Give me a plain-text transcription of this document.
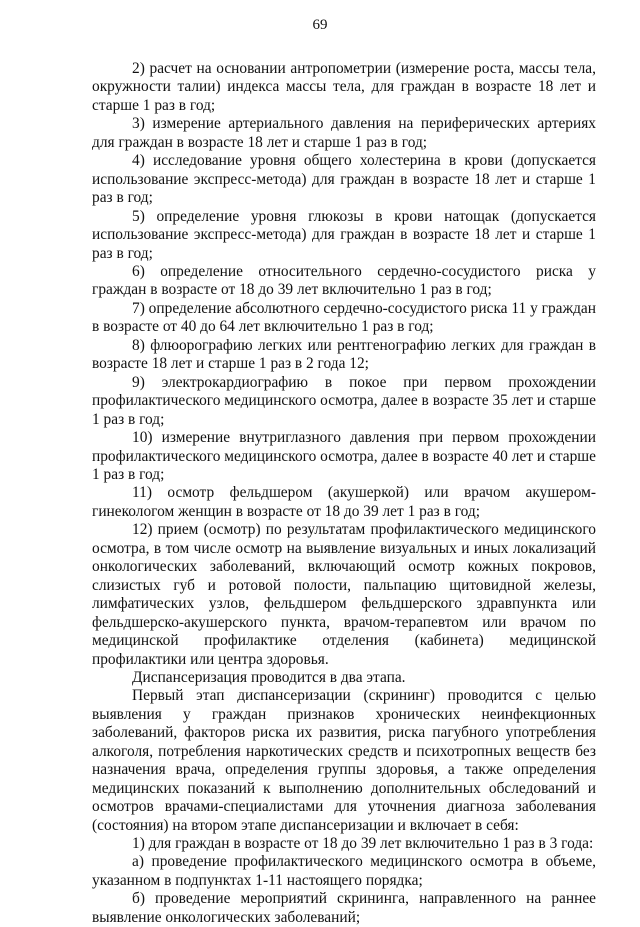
69

2) расчет на основании антропометрии (измерение роста, массы тела, окружности талии) индекса массы тела, для граждан в возрасте 18 лет и старше 1 раз в год;

3) измерение артериального давления на периферических артериях для граждан в возрасте 18 лет и старше 1 раз в год;

4) исследование уровня общего холестерина в крови (допускается использование экспресс-метода) для граждан в возрасте 18 лет и старше 1 раз в год;

5) определение уровня глюкозы в крови натощак (допускается использование экспресс-метода) для граждан в возрасте 18 лет и старше 1 раз в год;

6) определение относительного сердечно-сосудистого риска у граждан в возрасте от 18 до 39 лет включительно 1 раз в год;

7) определение абсолютного сердечно-сосудистого риска 11 у граждан в возрасте от 40 до 64 лет включительно 1 раз в год;

8) флюорографию легких или рентгенографию легких для граждан в возрасте 18 лет и старше 1 раз в 2 года 12;

9) электрокардиографию в покое при первом прохождении профилактического медицинского осмотра, далее в возрасте 35 лет и старше 1 раз в год;

10) измерение внутриглазного давления при первом прохождении профилактического медицинского осмотра, далее в возрасте 40 лет и старше 1 раз в год;

11) осмотр фельдшером (акушеркой) или врачом акушером-гинекологом женщин в возрасте от 18 до 39 лет 1 раз в год;

12) прием (осмотр) по результатам профилактического медицинского осмотра, в том числе осмотр на выявление визуальных и иных локализаций онкологических заболеваний, включающий осмотр кожных покровов, слизистых губ и ротовой полости, пальпацию щитовидной железы, лимфатических узлов, фельдшером фельдшерского здравпункта или фельдшерско-акушерского пункта, врачом-терапевтом или врачом по медицинской профилактике отделения (кабинета) медицинской профилактики или центра здоровья.

Диспансеризация проводится в два этапа.

Первый этап диспансеризации (скрининг) проводится с целью выявления у граждан признаков хронических неинфекционных заболеваний, факторов риска их развития, риска пагубного употребления алкоголя, потребления наркотических средств и психотропных веществ без назначения врача, определения группы здоровья, а также определения медицинских показаний к выполнению дополнительных обследований и осмотров врачами-специалистами для уточнения диагноза заболевания (состояния) на втором этапе диспансеризации и включает в себя:

1) для граждан в возрасте от 18 до 39 лет включительно 1 раз в 3 года:

а) проведение профилактического медицинского осмотра в объеме, указанном в подпунктах 1-11 настоящего порядка;

б) проведение мероприятий скрининга, направленного на раннее выявление онкологических заболеваний;
